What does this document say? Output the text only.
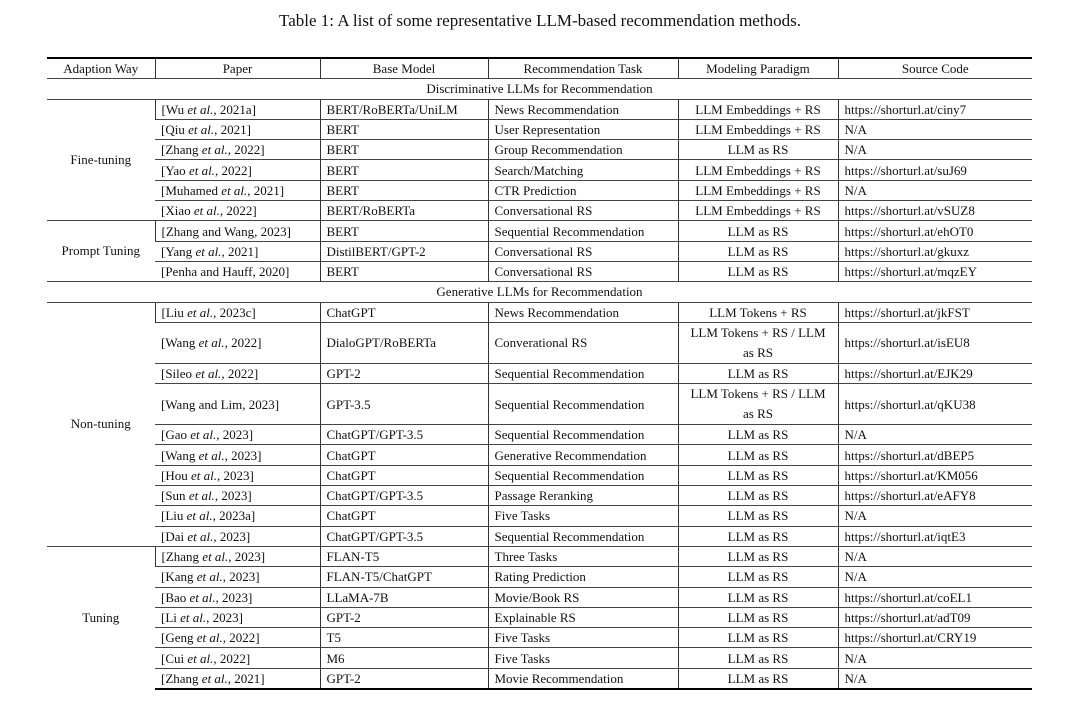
Table 1: A list of some representative LLM-based recommendation methods.
Adaption Way	Paper	Base Model	Recommendation Task	Modeling Paradigm	Source Code
Discriminative LLMs for Recommendation					
Fine-tuning	[Wu et al., 2021a]	BERT/RoBERTa/UniLM	News Recommendation	LLM Embeddings + RS	https://shorturl.at/ciny7
	[Qiu et al., 2021]	BERT	User Representation	LLM Embeddings + RS	N/A
	[Zhang et al., 2022]	BERT	Group Recommendation	LLM as RS	N/A
	[Yao et al., 2022]	BERT	Search/Matching	LLM Embeddings + RS	https://shorturl.at/suJ69
	[Muhamed et al., 2021]	BERT	CTR Prediction	LLM Embeddings + RS	N/A
	[Xiao et al., 2022]	BERT/RoBERTa	Conversational RS	LLM Embeddings + RS	https://shorturl.at/vSUZ8
Prompt Tuning	[Zhang and Wang, 2023]	BERT	Sequential Recommendation	LLM as RS	https://shorturl.at/ehOT0
	[Yang et al., 2021]	DistilBERT/GPT-2	Conversational RS	LLM as RS	https://shorturl.at/gkuxz
	[Penha and Hauff, 2020]	BERT	Conversational RS	LLM as RS	https://shorturl.at/mqzEY
Generative LLMs for Recommendation					
Non-tuning	[Liu et al., 2023c]	ChatGPT	News Recommendation	LLM Tokens + RS	https://shorturl.at/jkFST
	[Wang et al., 2022]	DialoGPT/RoBERTa	Converational RS	LLM Tokens + RS / LLM as RS	https://shorturl.at/isEU8
	[Sileo et al., 2022]	GPT-2	Sequential Recommendation	LLM as RS	https://shorturl.at/EJK29
	[Wang and Lim, 2023]	GPT-3.5	Sequential Recommendation	LLM Tokens + RS / LLM as RS	https://shorturl.at/qKU38
	[Gao et al., 2023]	ChatGPT/GPT-3.5	Sequential Recommendation	LLM as RS	N/A
	[Wang et al., 2023]	ChatGPT	Generative Recommendation	LLM as RS	https://shorturl.at/dBEP5
	[Hou et al., 2023]	ChatGPT	Sequential Recommendation	LLM as RS	https://shorturl.at/KM056
	[Sun et al., 2023]	ChatGPT/GPT-3.5	Passage Reranking	LLM as RS	https://shorturl.at/eAFY8
	[Liu et al., 2023a]	ChatGPT	Five Tasks	LLM as RS	N/A
	[Dai et al., 2023]	ChatGPT/GPT-3.5	Sequential Recommendation	LLM as RS	https://shorturl.at/iqtE3
Tuning	[Zhang et al., 2023]	FLAN-T5	Three Tasks	LLM as RS	N/A
	[Kang et al., 2023]	FLAN-T5/ChatGPT	Rating Prediction	LLM as RS	N/A
	[Bao et al., 2023]	LLaMA-7B	Movie/Book RS	LLM as RS	https://shorturl.at/coEL1
	[Li et al., 2023]	GPT-2	Explainable RS	LLM as RS	https://shorturl.at/adT09
	[Geng et al., 2022]	T5	Five Tasks	LLM as RS	https://shorturl.at/CRY19
	[Cui et al., 2022]	M6	Five Tasks	LLM as RS	N/A
	[Zhang et al., 2021]	GPT-2	Movie Recommendation	LLM as RS	N/A
